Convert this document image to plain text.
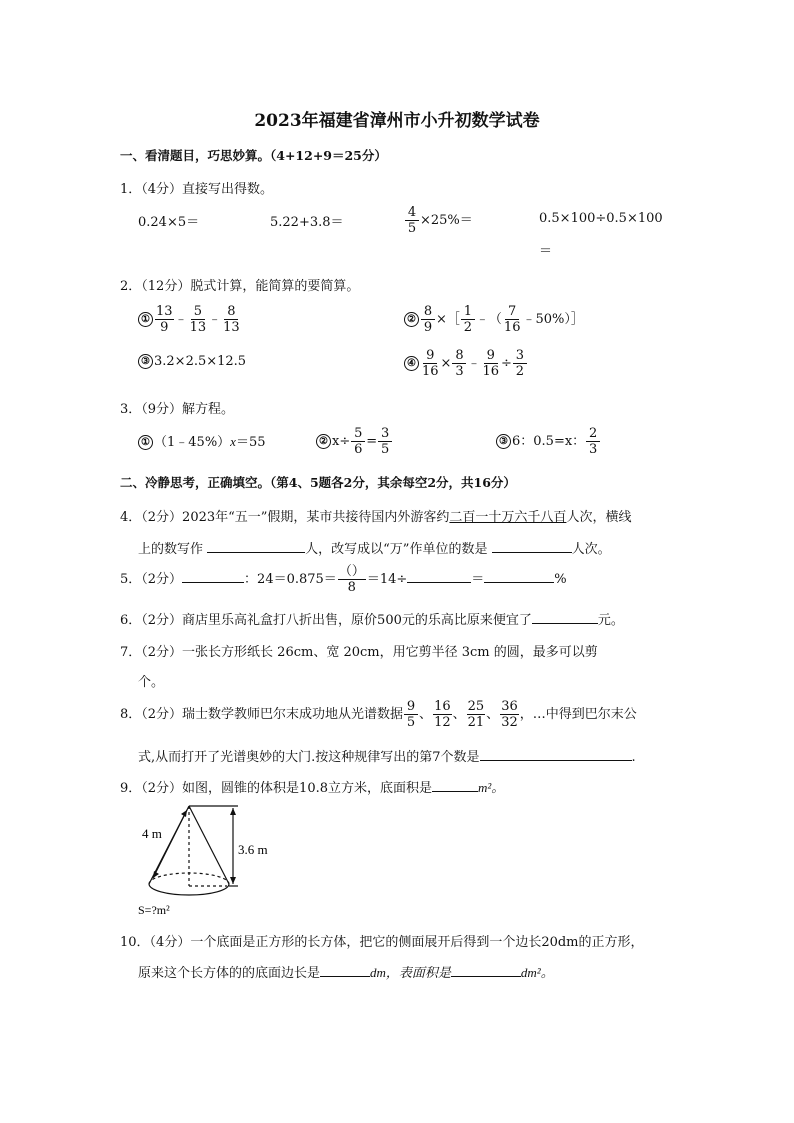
2023年福建省漳州市小升初数学试卷
一、看清题目，巧思妙算。（4+12+9＝25分）
1．（4分）直接写出得数。
0.24×5＝	5.22+3.8＝	$\frac{4}{5} \times 25\%=$	0.5×100÷0.5×100
＝
2．（12分）脱式计算，能简算的要简算。
① $\frac{13}{9}$ ﹣ $\frac{5}{13}$ ﹣ $\frac{8}{13}$	② $\frac{8}{9}$ ×［ $\frac{1}{2}$ ﹣（ $\frac{7}{16}$ ﹣50%）］
③ 3.2×2.5×12.5	④ $\frac{9}{16} \times \frac{8}{3}$ ﹣ $\frac{9}{16} \div \frac{3}{2}$
3．（9分）解方程。
① （1﹣45%）x＝55	② $x\div \frac{5}{6} = \frac{3}{5}$	③ 6：0.5=x： $\frac{2}{3}$
二、冷静思考，正确填空。（第4、5题各2分，其余每空2分，共16分）
4．（2分）2023年“五一”假期，某市共接待国内外游客约二百一十万六千八百人次，横线
上的数写作	人，改写成以“万”作单位的数是	人次。
5．（2分）	：$24=0.875= \frac{()}{8} =14\div$	＝	%
6．（2分）商店里乐高礼盒打八折出售，原价500元的乐高比原来便宜了	元。
7．（2分）一张长方形纸长 26cm、宽 20cm，用它剪半径 3cm 的圆，最多可以剪
个。
8．（2分）瑞士数学教师巴尔末成功地从光谱数据 $\frac{9}{5}$ 、 $\frac{16}{12}$ 、 $\frac{25}{21}$ 、 $\frac{36}{32}$ ，…中得到巴尔末公
式,从而打开了光谱奥妙的大门.按这种规律写出的第7个数是	.
9．（2分）如图，圆锥的体积是10.8立方米，底面积是	m²。
4 m
3.6 m
S=?m²
10．（4分）一个底面是正方形的长方体，把它的侧面展开后得到一个边长20dm的正方形，
原来这个长方体的的底面边长是	dm，表面积是	dm²。
